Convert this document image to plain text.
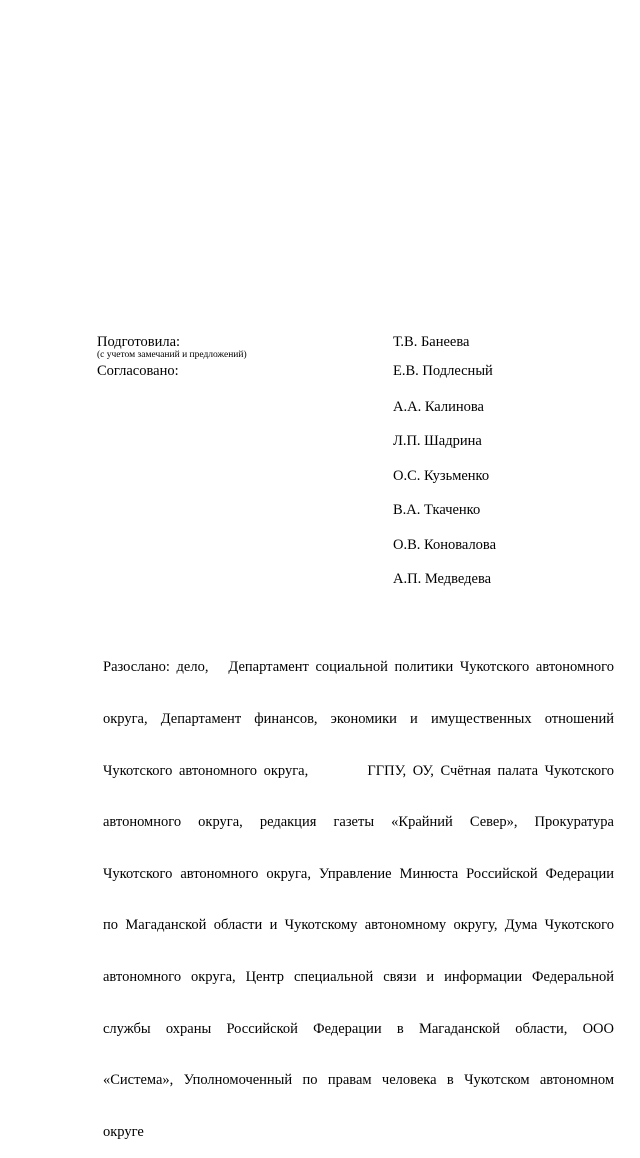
Подготовила:
(с учетом замечаний и предложений)
Согласовано:
Т.В. Банеева
Е.В. Подлесный
А.А. Калинова
Л.П. Шадрина
О.С. Кузьменко
В.А. Ткаченко
О.В. Коновалова
А.П. Медведева

Разослано: дело,   Департамент социальной политики Чукотского автономного

округа, Департамент финансов, экономики и имущественных отношений

Чукотского автономного округа,         ГГПУ, ОУ, Счётная палата Чукотского

автономного округа, редакция газеты «Крайний Север», Прокуратура

Чукотского автономного округа, Управление Минюста Российской Федерации

по Магаданской области и Чукотскому автономному округу, Дума Чукотского

автономного округа, Центр специальной связи и информации Федеральной

службы охраны Российской Федерации в Магаданской области, ООО

«Система», Уполномоченный по правам человека в Чукотском автономном

округе
